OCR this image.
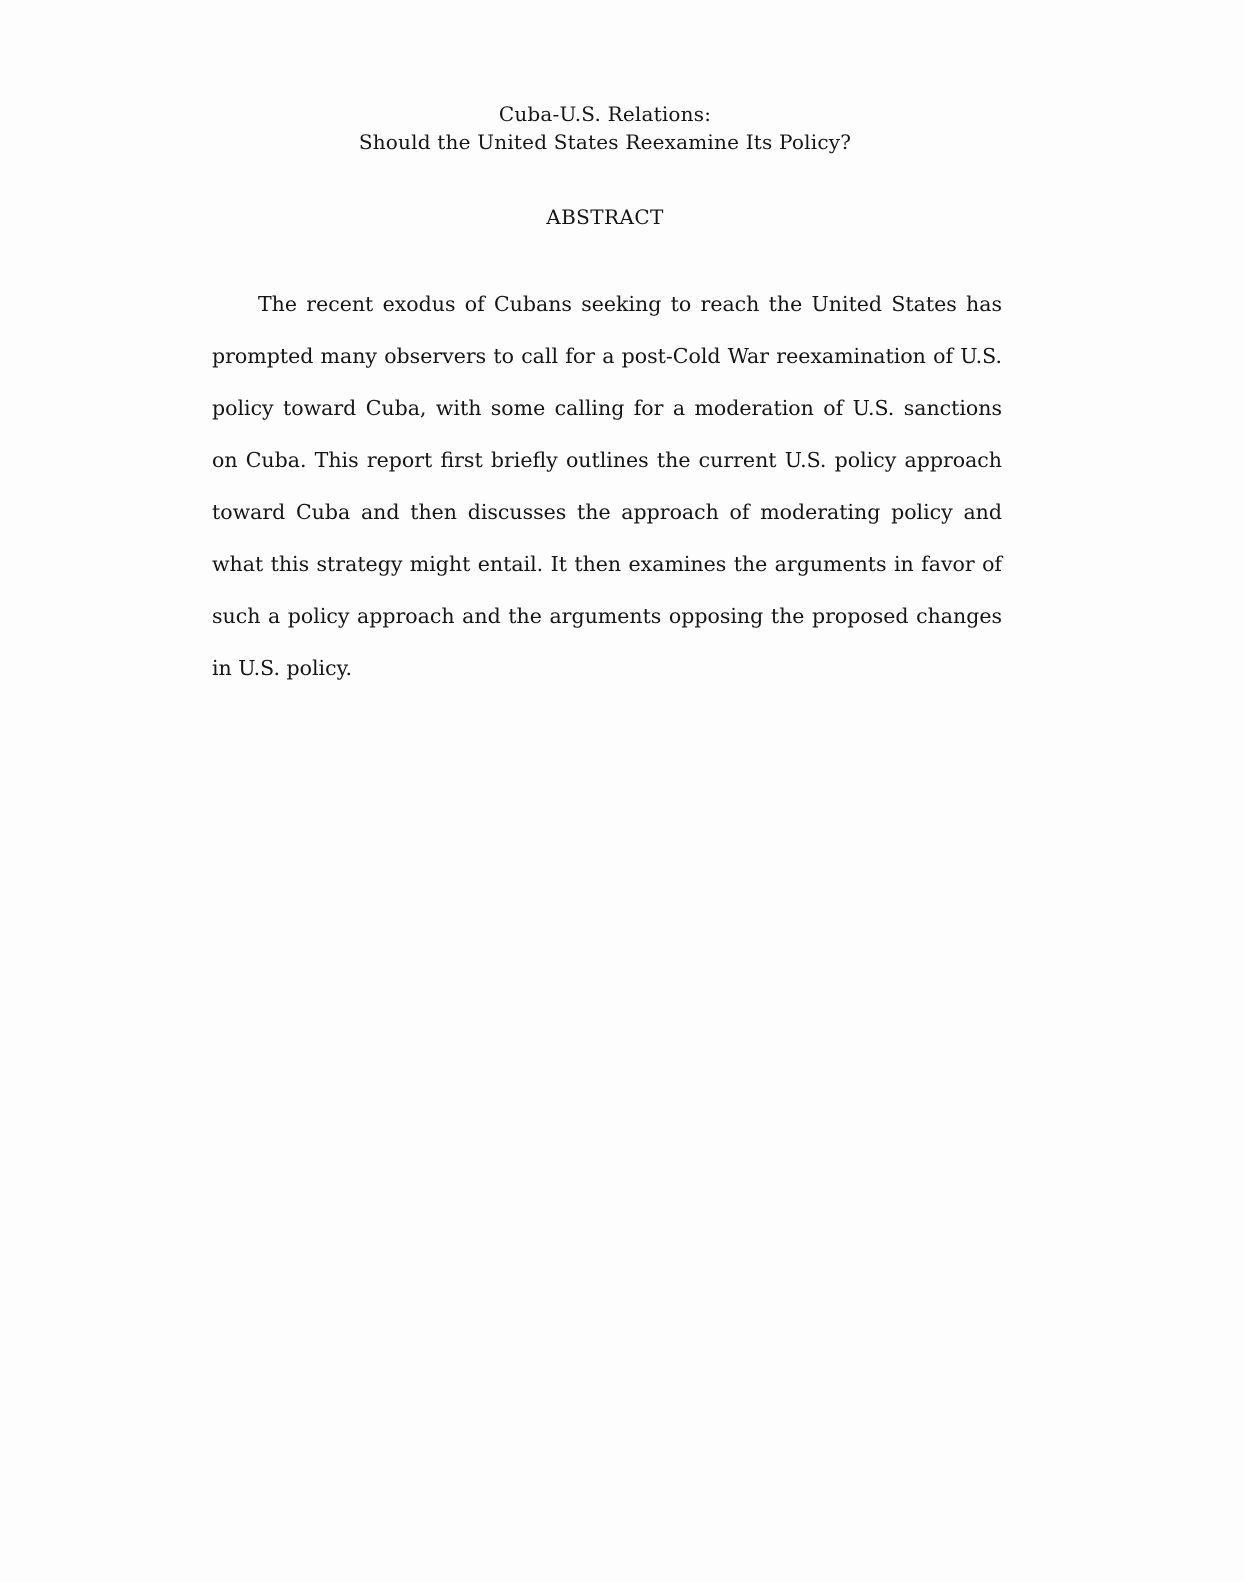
Cuba-U.S. Relations:
Should the United States Reexamine Its Policy?
ABSTRACT

The recent exodus of Cubans seeking to reach the United States has prompted many observers to call for a post-Cold War reexamination of U.S. policy toward Cuba, with some calling for a moderation of U.S. sanctions on Cuba. This report first briefly outlines the current U.S. policy approach toward Cuba and then discusses the approach of moderating policy and what this strategy might entail. It then examines the arguments in favor of such a policy approach and the arguments opposing the proposed changes in U.S. policy.
